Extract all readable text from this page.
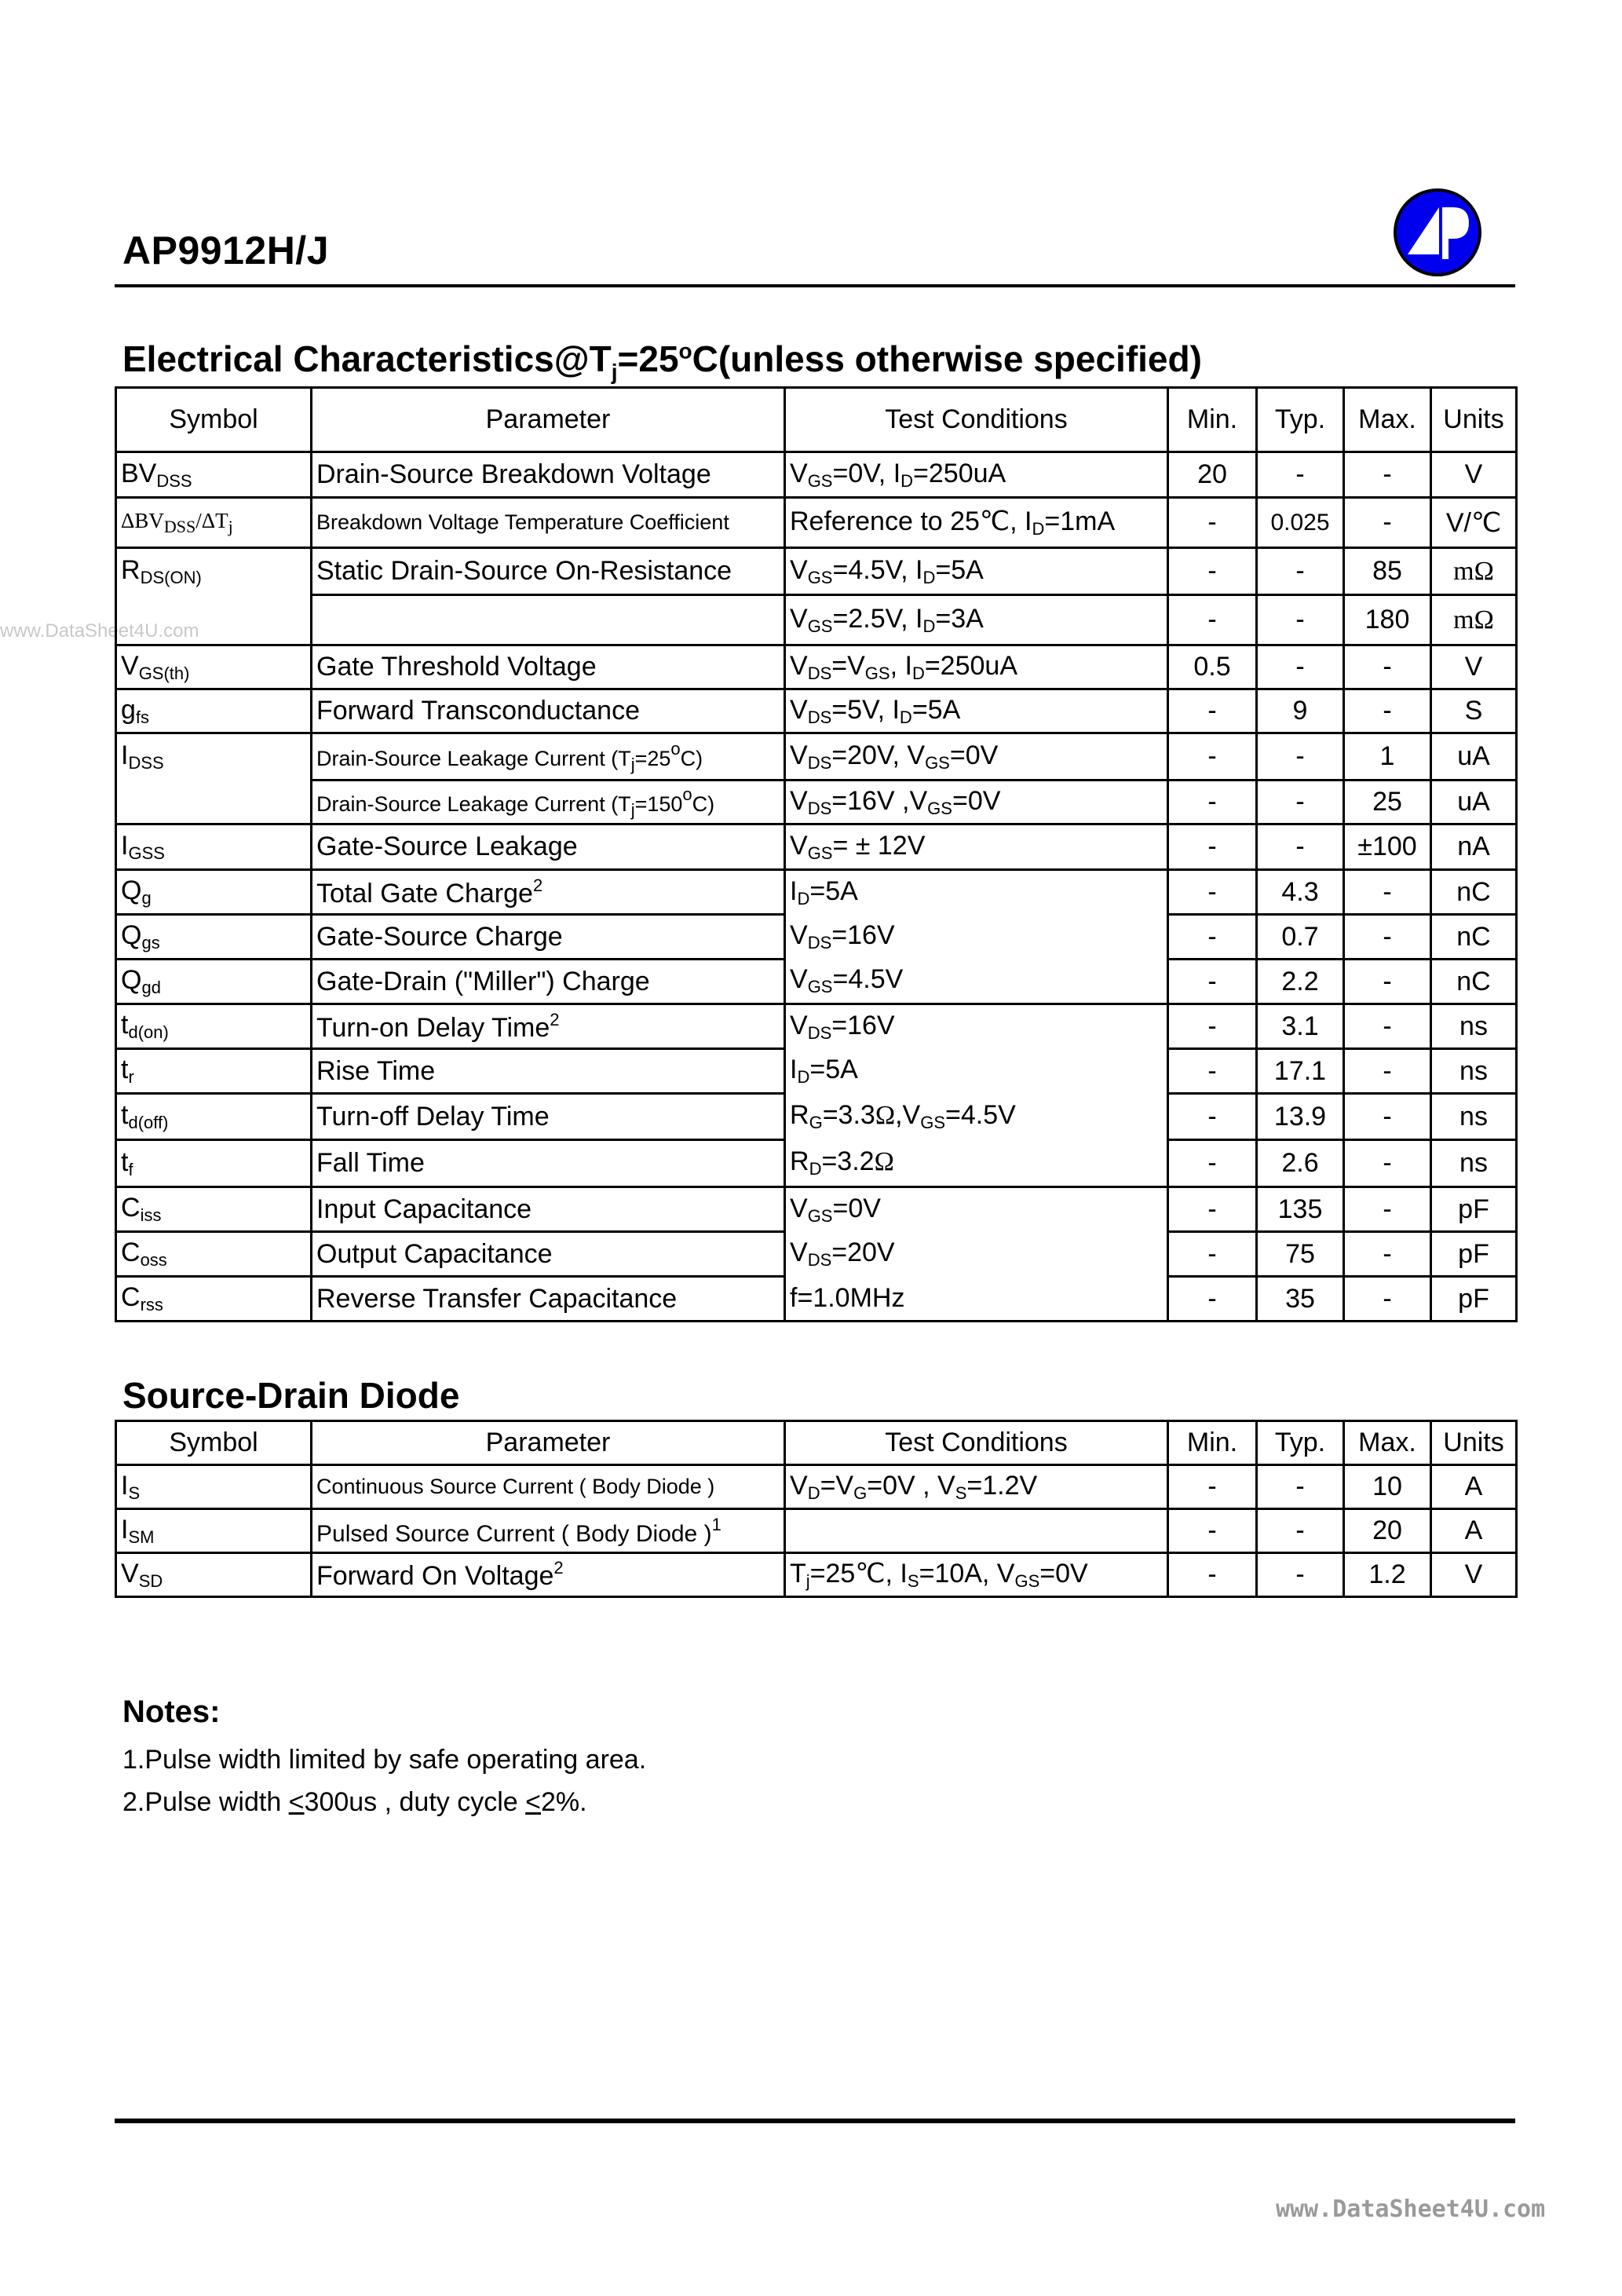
AP9912H/J
www.DataSheet4U.com
Electrical $Characteristics@T_j=25^oC(unless$ otherwise specified)
Symbol	Parameter	Test Conditions	Min.	Typ.	Max.	Units
$BV_{DSS}$	Drain-Source Breakdown Voltage	$V_{GS}=0V$, $I_D=250uA$	20	-	-	V
$\Delta BV_{DSS}/\Delta T_j$	Breakdown Voltage Temperature Coefficient	Reference to 25℃, $I_D=1mA$	-	0.025	-	V/℃
$R_{DS(ON)}$	Static Drain-Source On-Resistance	$V_{GS}=4.5V$, $I_D=5A$	-	-	85	mΩ
		$V_{GS}=2.5V$, $I_D=3A$	-	-	180	mΩ
$V_{GS(th)}$	Gate Threshold Voltage	$V_{DS}=V_{GS}$, $I_D=250uA$	0.5	-	-	V
$g_{fs}$	Forward Transconductance	$V_{DS}=5V$, $I_D=5A$	-	9	-	S
$I_{DSS}$	Drain-Source Leakage Current $(T_j=25^oC)$	$V_{DS}=20V$, $V_{GS}=0V$	-	-	1	uA
	Drain-Source Leakage Current $(T_j=150^oC)$	$V_{DS}=16V$ $,V_{GS}=0V$	-	-	25	uA
$I_{GSS}$	Gate-Source Leakage	$V_{GS}= \pm 12V$	-	-	±100	nA
$Q_g$	Total Gate Charge$^2$	$I_D=5A$	-	4.3	-	nC
$Q_{gs}$	Gate-Source Charge	$V_{DS}=16V$	-	0.7	-	nC
$Q_{gd}$	Gate-Drain ("Miller") Charge	$V_{GS}=4.5V$	-	2.2	-	nC
$t_{d(on)}$	Turn-on Delay Time$^2$	$V_{DS}=16V$	-	3.1	-	ns
$t_r$	Rise Time	$I_D=5A$	-	17.1	-	ns
$t_{d(off)}$	Turn-off Delay Time	$R_G=3.3\Omega,V_{GS}=4.5V$	-	13.9	-	ns
$t_f$	Fall Time	$R_D=3.2\Omega$	-	2.6	-	ns
$C_{iss}$	Input Capacitance	$V_{GS}=0V$	-	135	-	pF
$C_{oss}$	Output Capacitance	$V_{DS}=20V$	-	75	-	pF
$C_{rss}$	Reverse Transfer Capacitance	f=1.0MHz	-	35	-	pF
Source-Drain Diode
Symbol	Parameter	Test Conditions	Min.	Typ.	Max.	Units
$I_S$	Continuous Source Current ( Body Diode )	$V_D=V_G=0V$ , $V_S=1.2V$	-	-	10	A
$I_{SM}$	Pulsed Source Current ( Body Diode )$^1$		-	-	20	A
$V_{SD}$	Forward On Voltage$^2$	$T_j=25℃$, $I_S=10A$, $V_{GS}=0V$	-	-	1.2	V
Notes:
1.Pulse width limited by safe operating area.
2.Pulse width <300us , duty cycle <2%.
www.DataSheet4U.com
